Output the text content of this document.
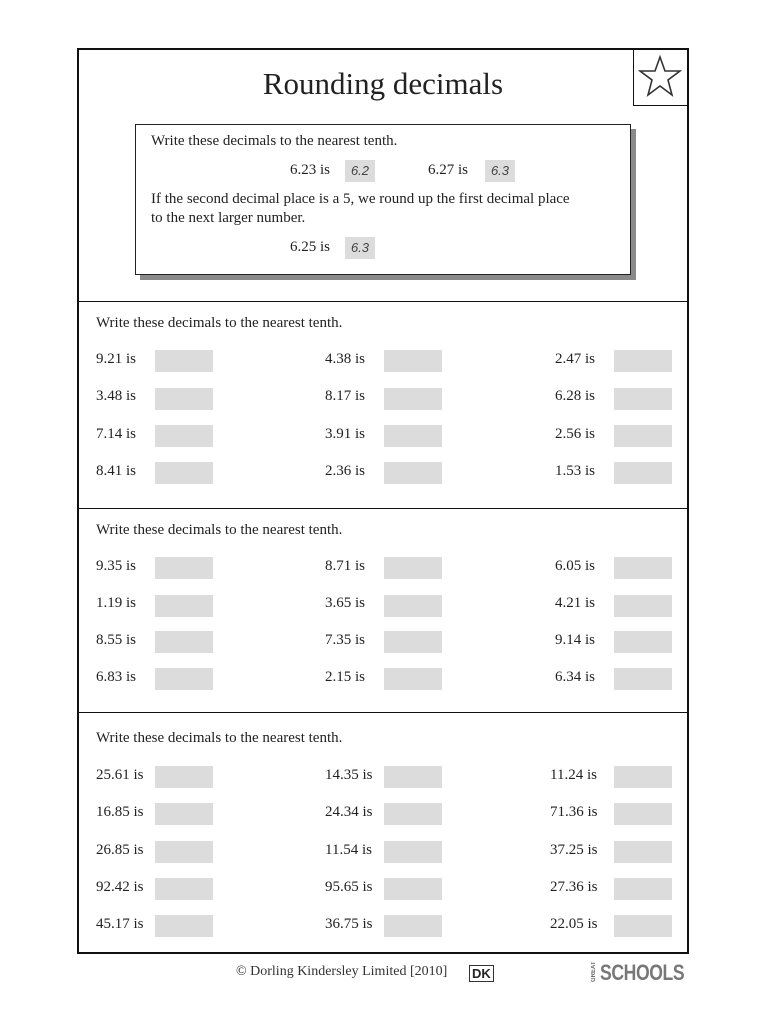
Rounding decimals
Write these decimals to the nearest tenth.
6.23 is	6.2	6.27 is	6.3
If the second decimal place is a 5, we round up the first decimal place
to the next larger number.
6.25 is	6.3
Write these decimals to the nearest tenth.
9.21 is	4.38 is	2.47 is
3.48 is	8.17 is	6.28 is
7.14 is	3.91 is	2.56 is
8.41 is	2.36 is	1.53 is
Write these decimals to the nearest tenth.
9.35 is	8.71 is	6.05 is
1.19 is	3.65 is	4.21 is
8.55 is	7.35 is	9.14 is
6.83 is	2.15 is	6.34 is
Write these decimals to the nearest tenth.
25.61 is	14.35 is	11.24 is
16.85 is	24.34 is	71.36 is
26.85 is	11.54 is	37.25 is
92.42 is	95.65 is	27.36 is
45.17 is	36.75 is	22.05 is
© Dorling Kindersley Limited [2010] DK	GREAT SCHOOLS
